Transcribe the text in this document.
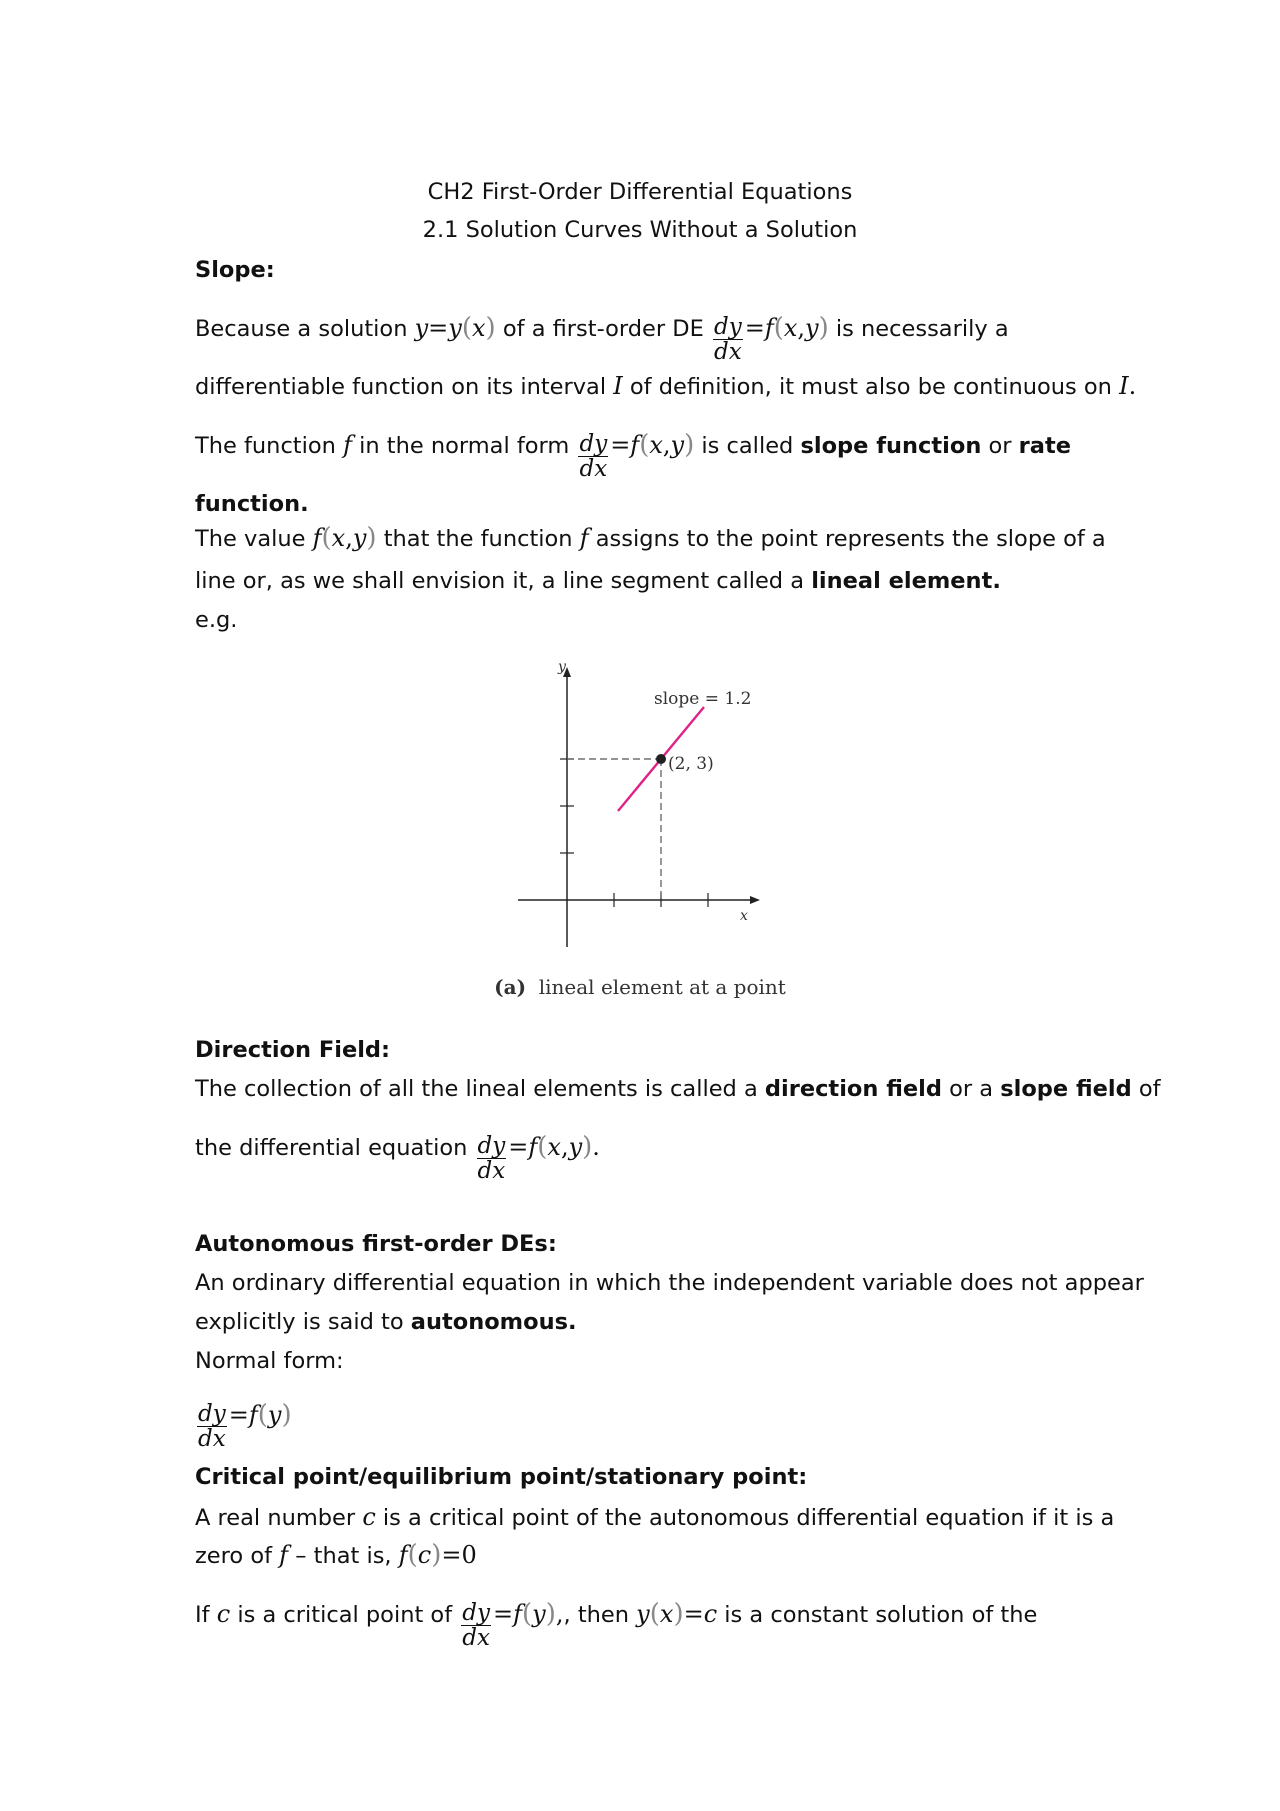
CH2 First-Order Differential Equations
2.1 Solution Curves Without a Solution
Slope:
Because a solution y=y(x) of a first-order DE $\frac{dy}{dx} =f(x,y)$ is necessarily a
differentiable function on its interval I of definition, it must also be continuous on I.
The function f in the normal form $\frac{dy}{dx} =f(x,y)$ is called slope function or rate
function.
The value f(x,y) that the function f assigns to the point represents the slope of a
line or, as we shall envision it, a line segment called a lineal element.
e.g.
y
x
slope = 1.2
(2, 3)
(a) lineal element at a point
Direction Field:
The collection of all the lineal elements is called a direction field or a slope field of
the differential equation $\frac{dy}{dx} =f(x,y)$.
Autonomous first-order DEs:
An ordinary differential equation in which the independent variable does not appear
explicitly is said to autonomous.
Normal form:
$\frac{dy}{dx} =f(y)$
Critical point/equilibrium point/stationary point:
A real number c is a critical point of the autonomous differential equation if it is a
zero of f – that is, f(c)=0
If c is a critical point of $\frac{dy}{dx} =f(y)$,, then y(x)=c is a constant solution of the
